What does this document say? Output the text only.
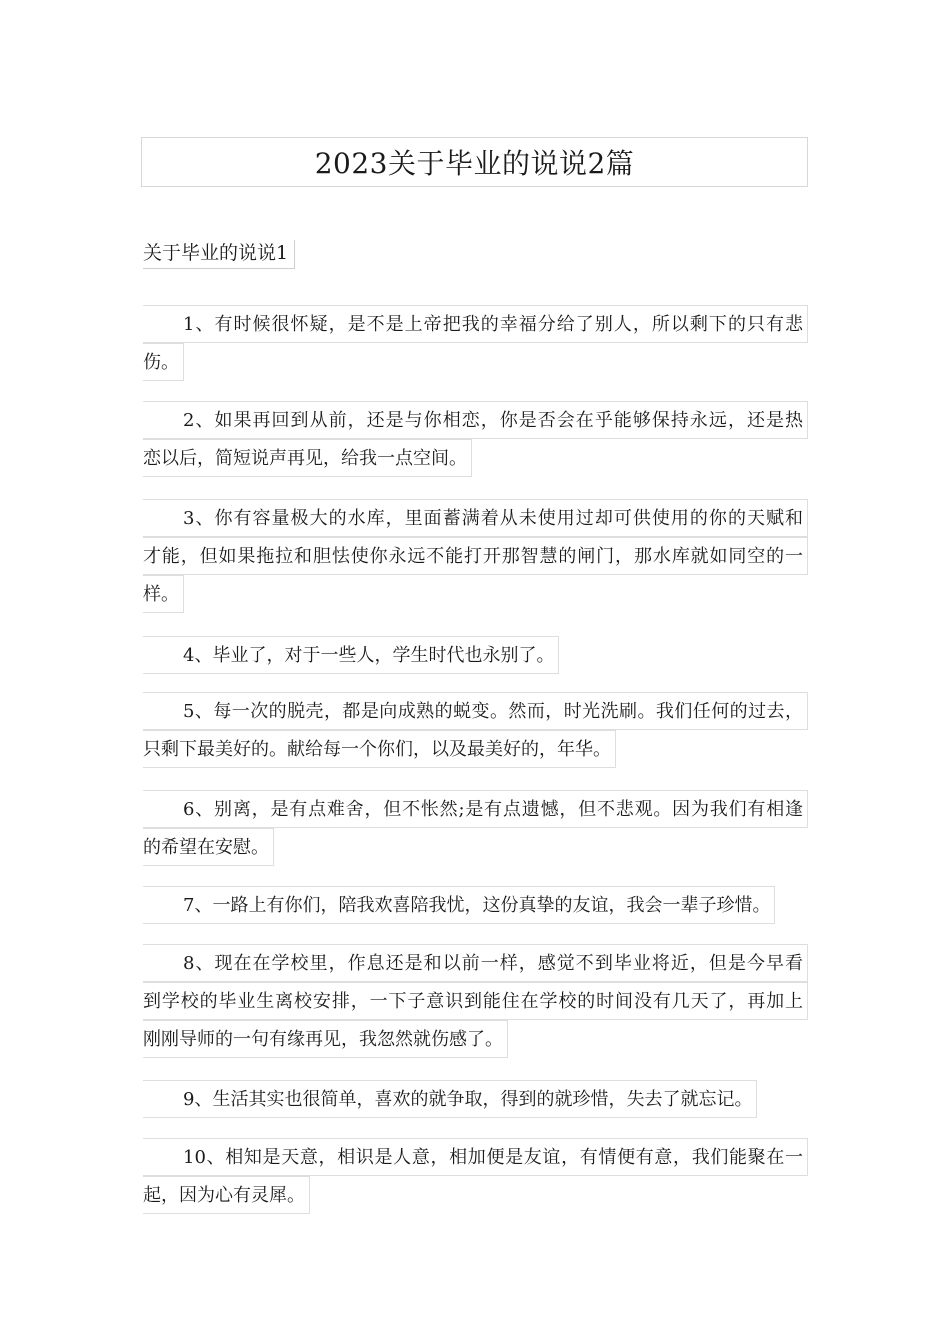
2023关于毕业的说说2篇
关于毕业的说说1
1、有时候很怀疑，是不是上帝把我的幸福分给了别人，所以剩下的只有悲 伤。
2、如果再回到从前，还是与你相恋，你是否会在乎能够保持永远，还是热 恋以后，简短说声再见，给我一点空间。
3、你有容量极大的水库，里面蓄满着从未使用过却可供使用的你的天赋和 才能，但如果拖拉和胆怯使你永远不能打开那智慧的闸门，那水库就如同空的一 样。
4、毕业了，对于一些人，学生时代也永别了。
5、每一次的脱壳，都是向成熟的蜕变。然而，时光洗刷。我们任何的过去， 只剩下最美好的。献给每一个你们，以及最美好的，年华。
6、别离，是有点难舍，但不怅然;是有点遗憾，但不悲观。因为我们有相逢 的希望在安慰。
7、一路上有你们，陪我欢喜陪我忧，这份真挚的友谊，我会一辈子珍惜。
8、现在在学校里，作息还是和以前一样，感觉不到毕业将近，但是今早看 到学校的毕业生离校安排，一下子意识到能住在学校的时间没有几天了，再加上 刚刚导师的一句有缘再见，我忽然就伤感了。
9、生活其实也很简单，喜欢的就争取，得到的就珍惜，失去了就忘记。
10、相知是天意，相识是人意，相加便是友谊，有情便有意，我们能聚在一 起，因为心有灵犀。
